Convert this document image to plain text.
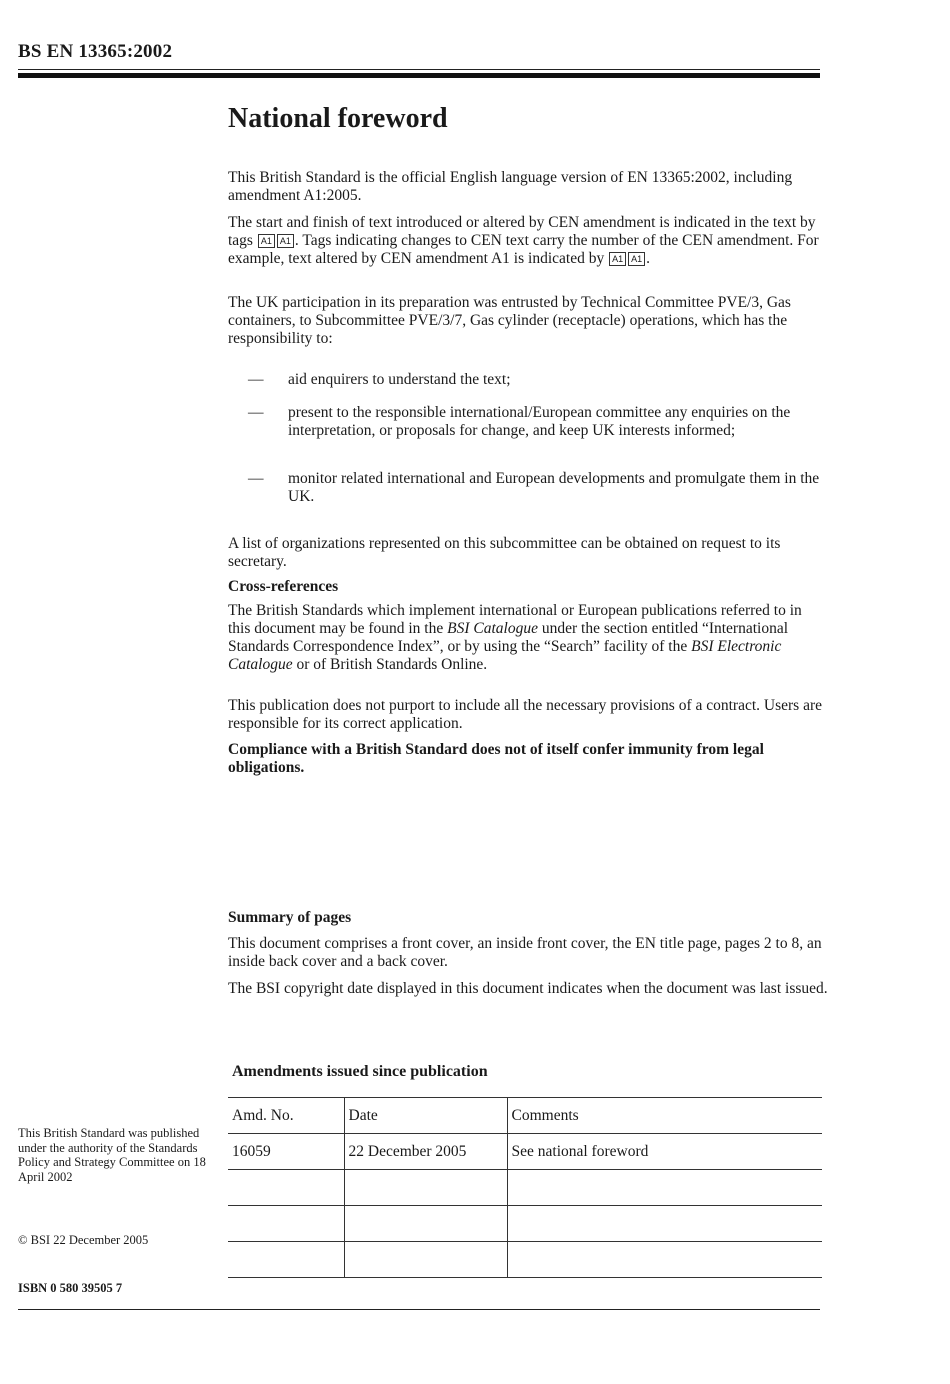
BS EN 13365:2002
National foreword
This British Standard is the official English language version of EN 13365:2002, including amendment A1:2005.
The start and finish of text introduced or altered by CEN amendment is indicated in the text by tags A1 A1 . Tags indicating changes to CEN text carry the number of the CEN amendment. For example, text altered by CEN amendment A1 is indicated by A1 A1 .
The UK participation in its preparation was entrusted by Technical Committee PVE/3, Gas containers, to Subcommittee PVE/3/7, Gas cylinder (receptacle) operations, which has the responsibility to:
— aid enquirers to understand the text;
— present to the responsible international/European committee any enquiries on the interpretation, or proposals for change, and keep UK interests informed;
— monitor related international and European developments and promulgate them in the UK.
A list of organizations represented on this subcommittee can be obtained on request to its secretary.
Cross-references
The British Standards which implement international or European publications referred to in this document may be found in the BSI Catalogue under the section entitled “International Standards Correspondence Index”, or by using the “Search” facility of the BSI Electronic Catalogue or of British Standards Online.
This publication does not purport to include all the necessary provisions of a contract. Users are responsible for its correct application.
Compliance with a British Standard does not of itself confer immunity from legal obligations.
Summary of pages
This document comprises a front cover, an inside front cover, the EN title page, pages 2 to 8, an inside back cover and a back cover.
The BSI copyright date displayed in this document indicates when the document was last issued.
Amendments issued since publication
Amd. No.	Date	Comments
16059	22 December 2005	See national foreword

This British Standard was published under the authority of the Standards Policy and Strategy Committee on 18 April 2002
© BSI 22 December 2005
ISBN 0 580 39505 7
